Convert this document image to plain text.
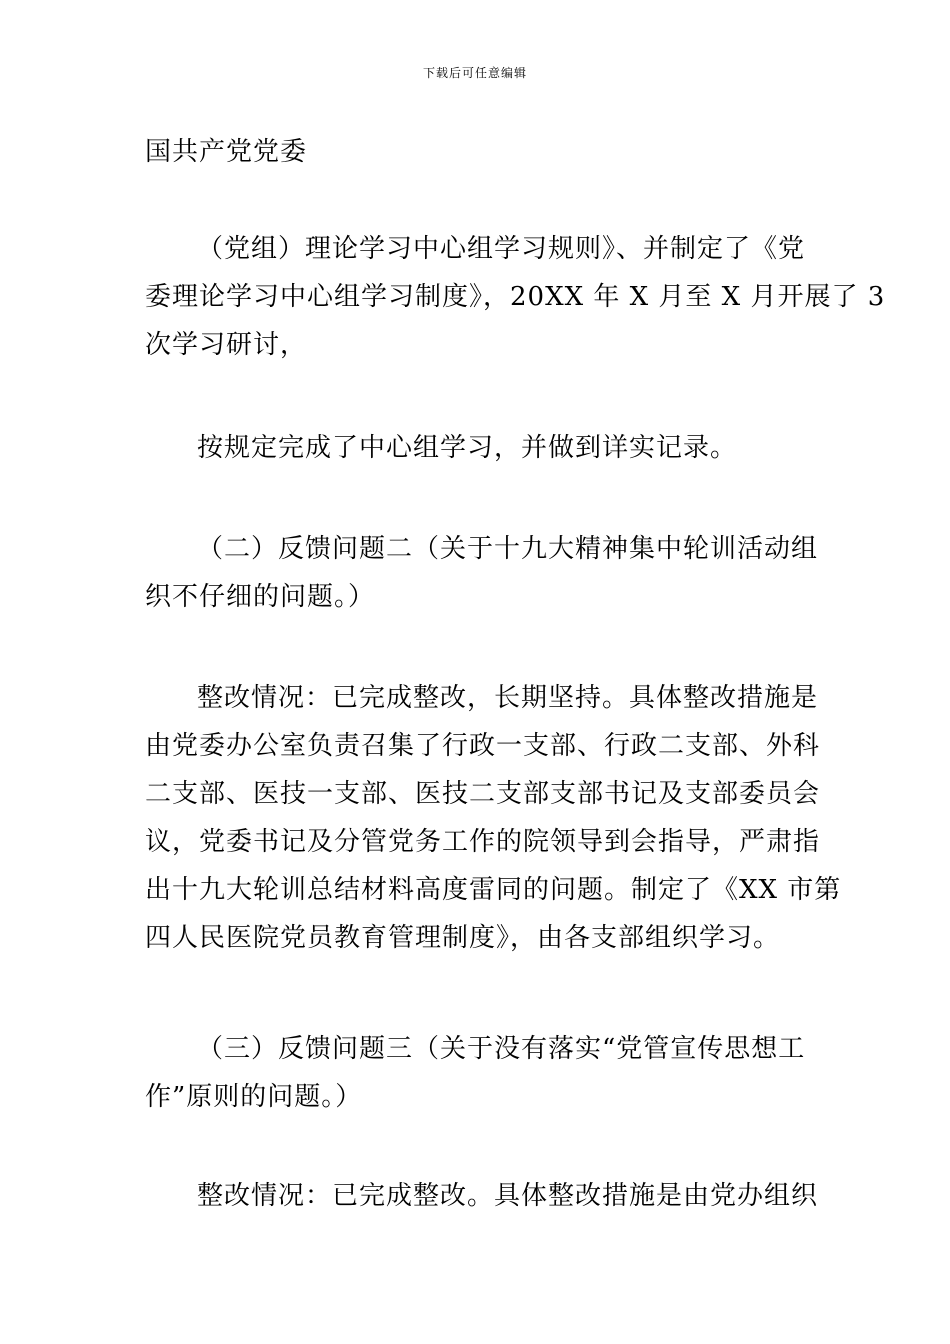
下载后可任意编辑

国共产党党委

（党组）理论学习中心组学习规则》、并制定了《党

委理论学习中心组学习制度》，20XX 年 X 月至 X 月开展了 3
次学习研讨，

按规定完成了中心组学习，并做到详实记录。

（二）反馈问题二（关于十九大精神集中轮训活动组

织不仔细的问题。）

整改情况：已完成整改，长期坚持。具体整改措施是

由党委办公室负责召集了行政一支部、行政二支部、外科
二支部、医技一支部、医技二支部支部书记及支部委员会
议，党委书记及分管党务工作的院领导到会指导，严肃指
出十九大轮训总结材料高度雷同的问题。制定了《XX 市第
四人民医院党员教育管理制度》，由各支部组织学习。

（三）反馈问题三（关于没有落实“党管宣传思想工

作”原则的问题。）

整改情况：已完成整改。具体整改措施是由党办组织
